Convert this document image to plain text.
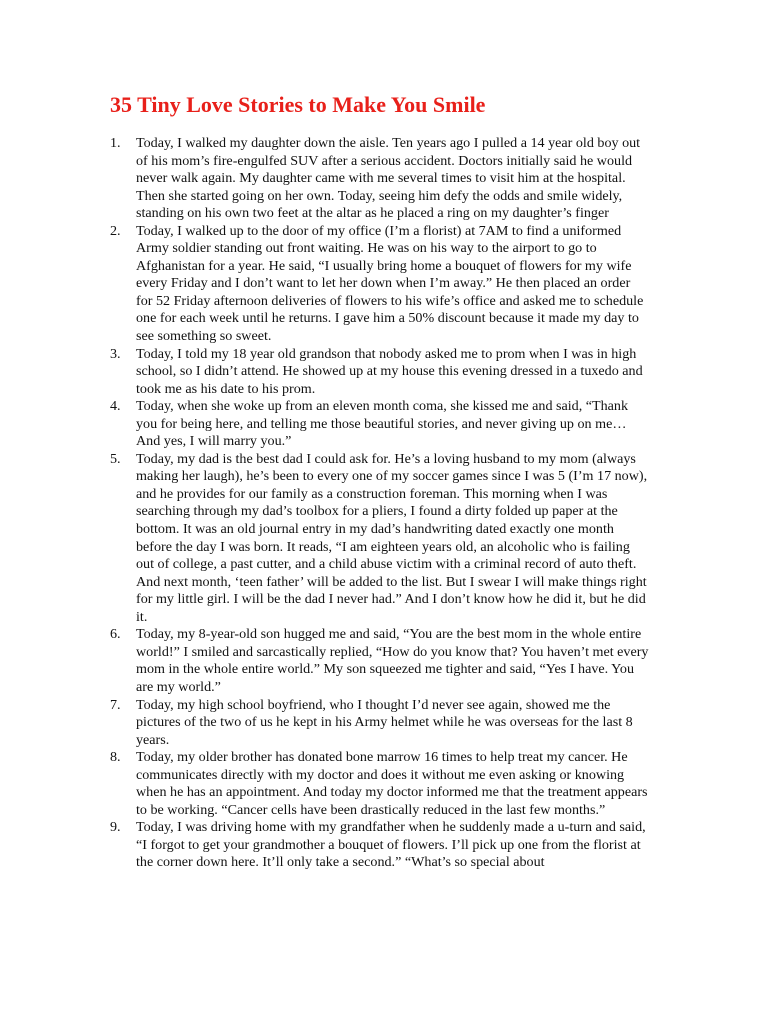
35 Tiny Love Stories to Make You Smile
1.	Today, I walked my daughter down the aisle. Ten years ago I pulled a 14 year old boy out of his mom’s fire-engulfed SUV after a serious accident. Doctors initially said he would never walk again. My daughter came with me several times to visit him at the hospital. Then she started going on her own. Today, seeing him defy the odds and smile widely, standing on his own two feet at the altar as he placed a ring on my daughter’s finger
2.	Today, I walked up to the door of my office (I’m a florist) at 7AM to find a uniformed Army soldier standing out front waiting. He was on his way to the airport to go to Afghanistan for a year. He said, “I usually bring home a bouquet of flowers for my wife every Friday and I don’t want to let her down when I’m away.” He then placed an order for 52 Friday afternoon deliveries of flowers to his wife’s office and asked me to schedule one for each week until he returns. I gave him a 50% discount because it made my day to see something so sweet.
3.	Today, I told my 18 year old grandson that nobody asked me to prom when I was in high school, so I didn’t attend. He showed up at my house this evening dressed in a tuxedo and took me as his date to his prom.
4.	Today, when she woke up from an eleven month coma, she kissed me and said, “Thank you for being here, and telling me those beautiful stories, and never giving up on me… And yes, I will marry you.”
5.	Today, my dad is the best dad I could ask for. He’s a loving husband to my mom (always making her laugh), he’s been to every one of my soccer games since I was 5 (I’m 17 now), and he provides for our family as a construction foreman. This morning when I was searching through my dad’s toolbox for a pliers, I found a dirty folded up paper at the bottom. It was an old journal entry in my dad’s handwriting dated exactly one month before the day I was born. It reads, “I am eighteen years old, an alcoholic who is failing out of college, a past cutter, and a child abuse victim with a criminal record of auto theft. And next month, ‘teen father’ will be added to the list. But I swear I will make things right for my little girl. I will be the dad I never had.” And I don’t know how he did it, but he did it.
6.	Today, my 8-year-old son hugged me and said, “You are the best mom in the whole entire world!” I smiled and sarcastically replied, “How do you know that? You haven’t met every mom in the whole entire world.” My son squeezed me tighter and said, “Yes I have. You are my world.”
7.	Today, my high school boyfriend, who I thought I’d never see again, showed me the pictures of the two of us he kept in his Army helmet while he was overseas for the last 8 years.
8.	Today, my older brother has donated bone marrow 16 times to help treat my cancer. He communicates directly with my doctor and does it without me even asking or knowing when he has an appointment. And today my doctor informed me that the treatment appears to be working. “Cancer cells have been drastically reduced in the last few months.”
9.	Today, I was driving home with my grandfather when he suddenly made a u-turn and said, “I forgot to get your grandmother a bouquet of flowers. I’ll pick up one from the florist at the corner down here. It’ll only take a second.” “What’s so special about
